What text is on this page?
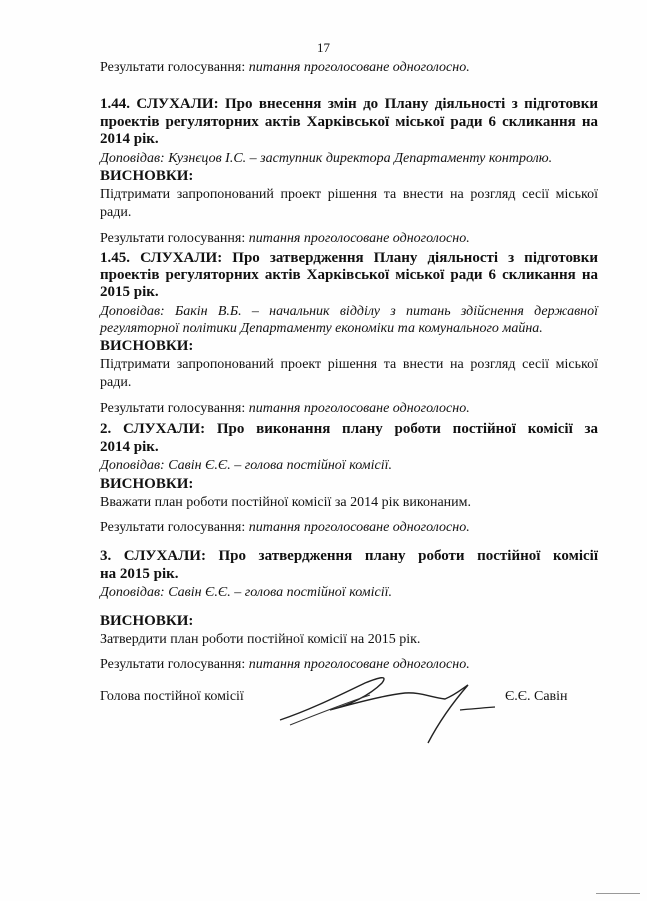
17
Результати голосування: питання проголосоване одноголосно.
1.44. СЛУХАЛИ: Про внесення змін до Плану діяльності з підготовки
проектів регуляторних актів Харківської міської ради 6 скликання на
2014 рік.
Доповідав: Кузнєцов І.С. – заступник директора Департаменту контролю.
ВИСНОВКИ:
Підтримати запропонований проект рішення та внести на розгляд сесії міської
ради.
Результати голосування: питання проголосоване одноголосно.
1.45. СЛУХАЛИ: Про затвердження Плану діяльності з підготовки
проектів регуляторних актів Харківської міської ради 6 скликання на
2015 рік.
Доповідав: Бакін В.Б. – начальник відділу з питань здійснення державної
регуляторної політики Департаменту економіки та комунального майна.
ВИСНОВКИ:
Підтримати запропонований проект рішення та внести на розгляд сесії міської
ради.
Результати голосування: питання проголосоване одноголосно.
2. СЛУХАЛИ: Про виконання плану роботи постійної комісії за
2014 рік.
Доповідав: Савін Є.Є. – голова постійної комісії.
ВИСНОВКИ:
Вважати план роботи постійної комісії за 2014 рік виконаним.
Результати голосування: питання проголосоване одноголосно.
3. СЛУХАЛИ: Про затвердження плану роботи постійної комісії
на 2015 рік.
Доповідав: Савін Є.Є. – голова постійної комісії.
ВИСНОВКИ:
Затвердити план роботи постійної комісії на 2015 рік.
Результати голосування: питання проголосоване одноголосно.
Голова постійної комісії	Є.Є. Савін
